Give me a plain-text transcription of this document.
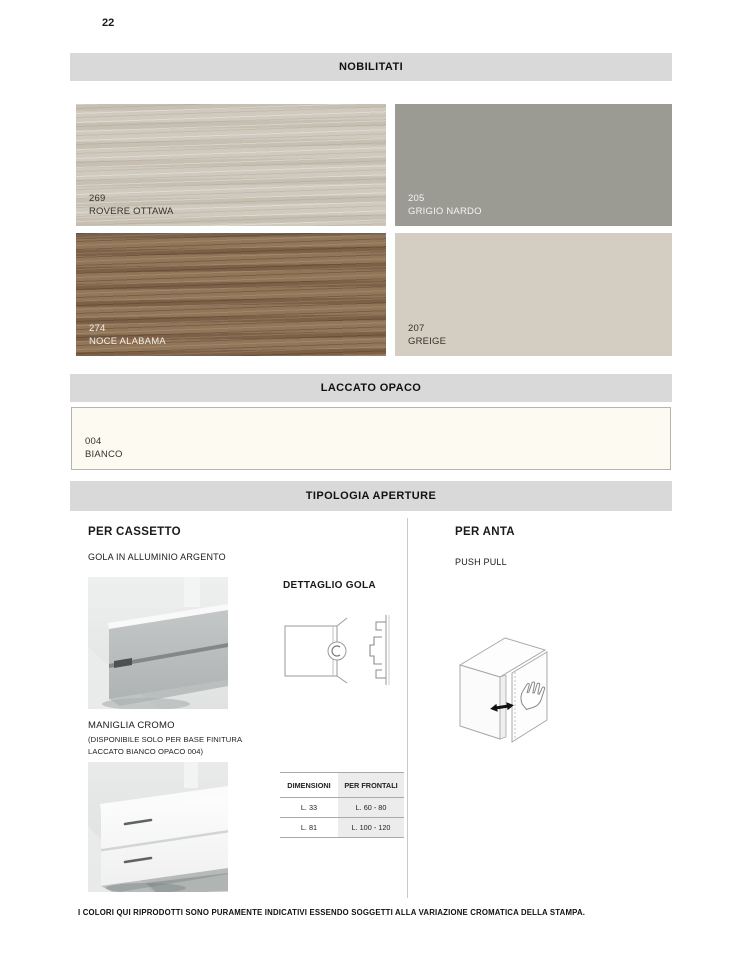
22
NOBILITATI
269
ROVERE OTTAWA
205
GRIGIO NARDO
274
NOCE ALABAMA
207
GREIGE
LACCATO OPACO
004
BIANCO
TIPOLOGIA APERTURE
PER CASSETTO
GOLA IN ALLUMINIO ARGENTO
DETTAGLIO GOLA
MANIGLIA CROMO
(DISPONIBILE SOLO PER BASE FINITURA
LACCATO BIANCO OPACO 004)
DIMENSIONI	PER FRONTALI
L. 33	L. 60 - 80
L. 81	L. 100 - 120
PER ANTA
PUSH PULL
I COLORI QUI RIPRODOTTI SONO PURAMENTE INDICATIVI ESSENDO SOGGETTI ALLA VARIAZIONE CROMATICA DELLA STAMPA.
